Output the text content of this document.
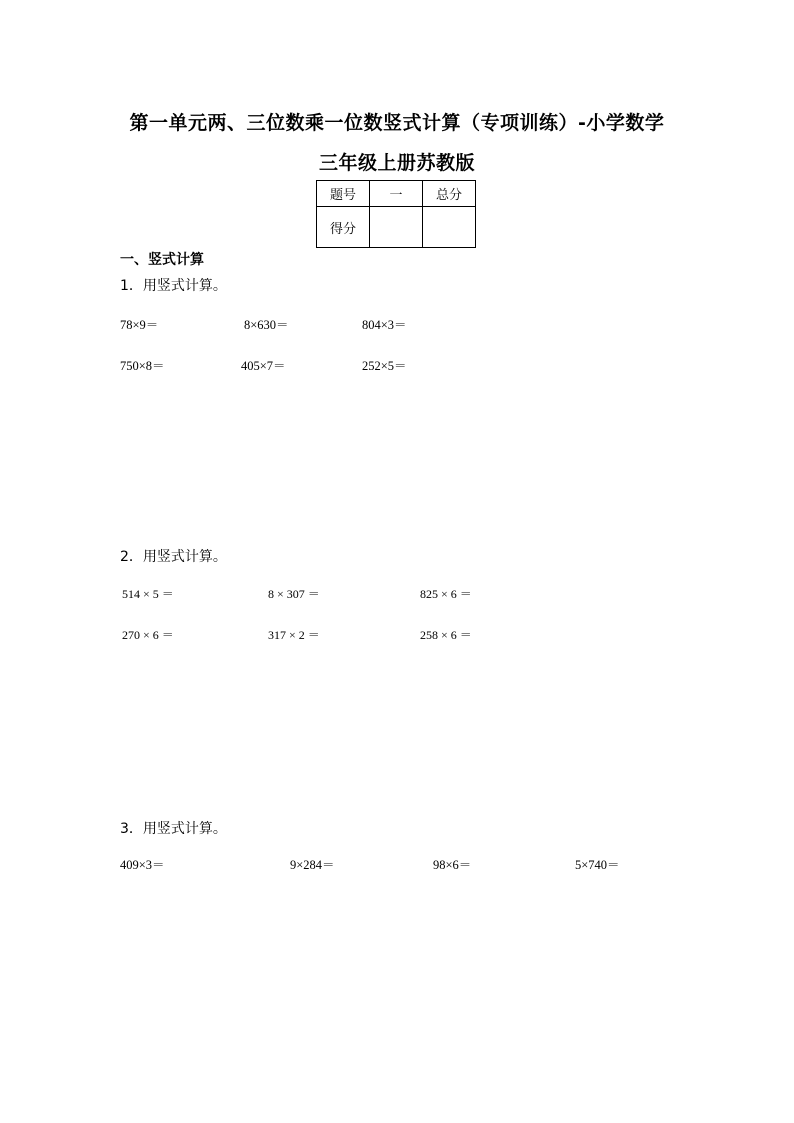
第一单元两、三位数乘一位数竖式计算（专项训练）-小学数学
三年级上册苏教版
题号	一	总分
得分		
一、竖式计算
1．用竖式计算。
78×9＝	8×630＝	804×3＝
750×8＝	405×7＝	252×5＝
2．用竖式计算。
514 × 5 ＝	8 × 307 ＝	825 × 6 ＝
270 × 6 ＝	317 × 2 ＝	258 × 6 ＝
3．用竖式计算。
409×3＝	9×284＝	98×6＝	5×740＝
